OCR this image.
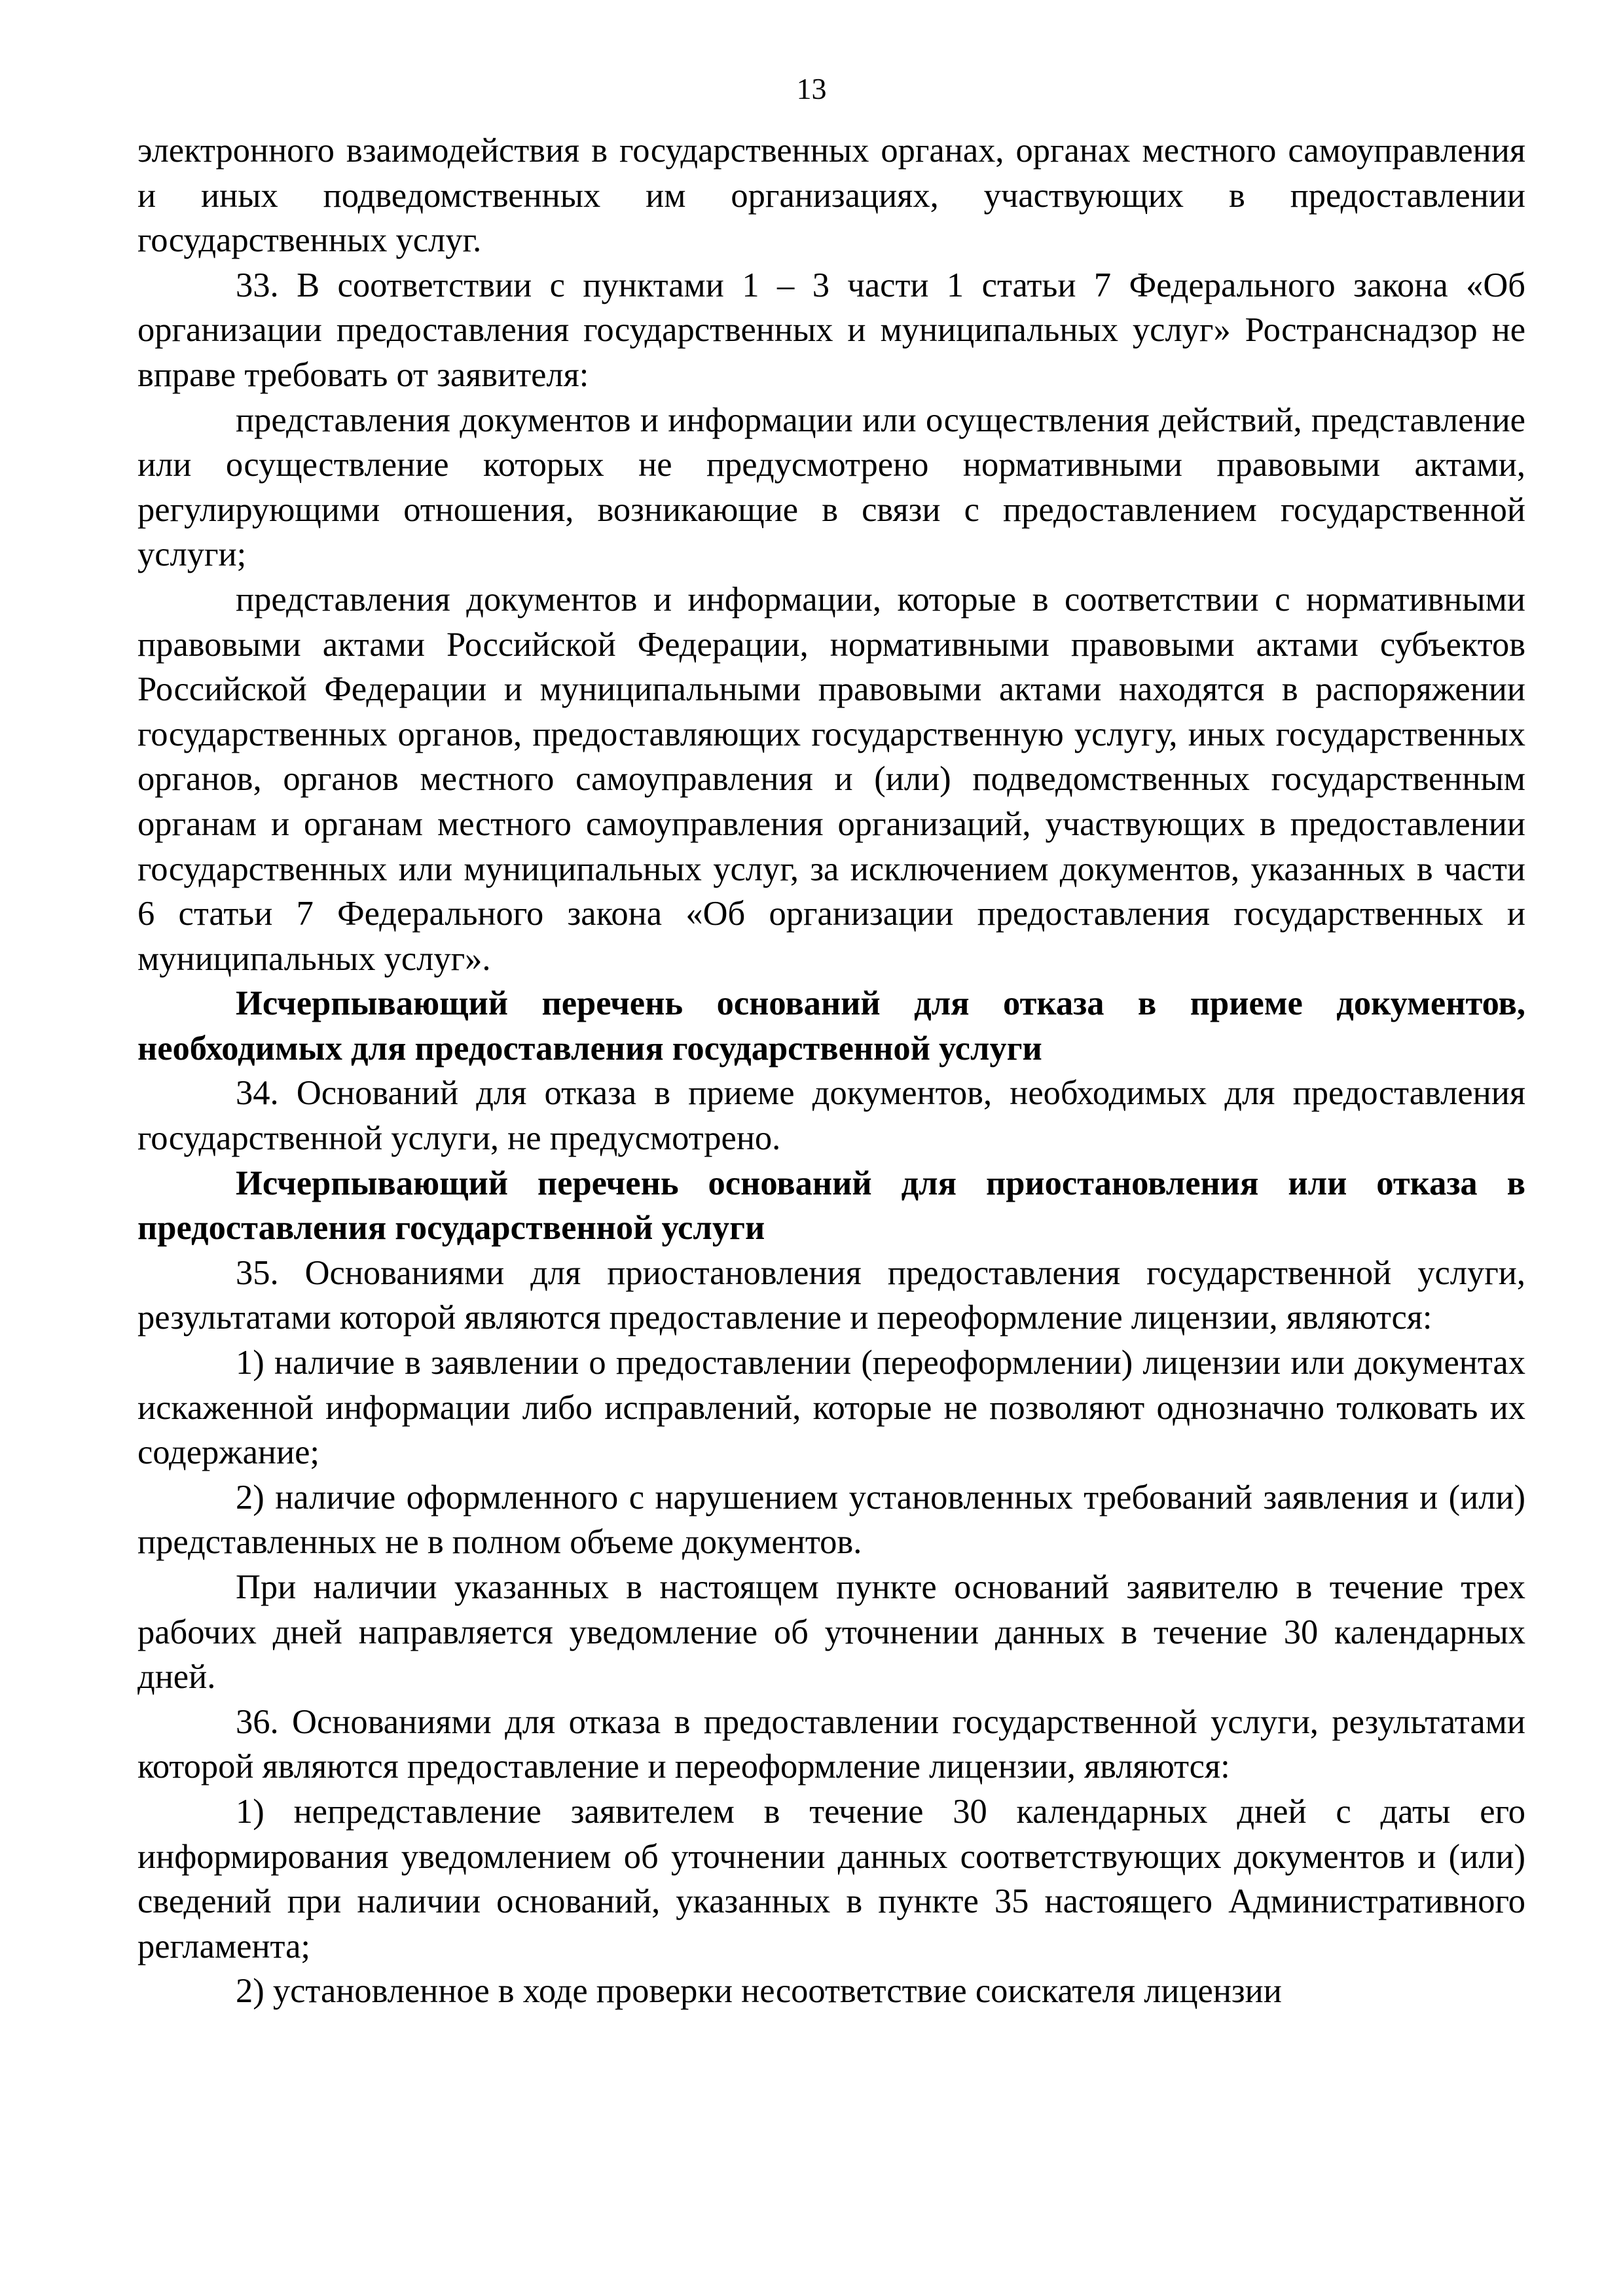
13

электронного взаимодействия в государственных органах, органах местного самоуправления и иных подведомственных им организациях, участвующих в предоставлении государственных услуг.

33. В соответствии с пунктами 1 – 3 части 1 статьи 7 Федерального закона «Об организации предоставления государственных и муниципальных услуг» Ространснадзор не вправе требовать от заявителя:

представления документов и информации или осуществления действий, представление или осуществление которых не предусмотрено нормативными правовыми актами, регулирующими отношения, возникающие в связи с предоставлением государственной услуги;

представления документов и информации, которые в соответствии с нормативными правовыми актами Российской Федерации, нормативными правовыми актами субъектов Российской Федерации и муниципальными правовыми актами находятся в распоряжении государственных органов, предоставляющих государственную услугу, иных государственных органов, органов местного самоуправления и (или) подведомственных государственным органам и органам местного самоуправления организаций, участвующих в предоставлении государственных или муниципальных услуг, за исключением документов, указанных в части 6 статьи 7 Федерального закона «Об организации предоставления государственных и муниципальных услуг».

Исчерпывающий перечень оснований для отказа в приеме документов, необходимых для предоставления государственной услуги

34. Оснований для отказа в приеме документов, необходимых для предоставления государственной услуги, не предусмотрено.

Исчерпывающий перечень оснований для приостановления или отказа в предоставления государственной услуги

35. Основаниями для приостановления предоставления государственной услуги, результатами которой являются предоставление и переоформление лицензии, являются:

1) наличие в заявлении о предоставлении (переоформлении) лицензии или документах искаженной информации либо исправлений, которые не позволяют однозначно толковать их содержание;

2) наличие оформленного с нарушением установленных требований заявления и (или) представленных не в полном объеме документов.

При наличии указанных в настоящем пункте оснований заявителю в течение трех рабочих дней направляется уведомление об уточнении данных в течение 30 календарных дней.

36. Основаниями для отказа в предоставлении государственной услуги, результатами которой являются предоставление и переоформление лицензии, являются:

1) непредставление заявителем в течение 30 календарных дней с даты его информирования уведомлением об уточнении данных соответствующих документов и (или) сведений при наличии оснований, указанных в пункте 35 настоящего Административного регламента;

2) установленное в ходе проверки несоответствие соискателя лицензии
